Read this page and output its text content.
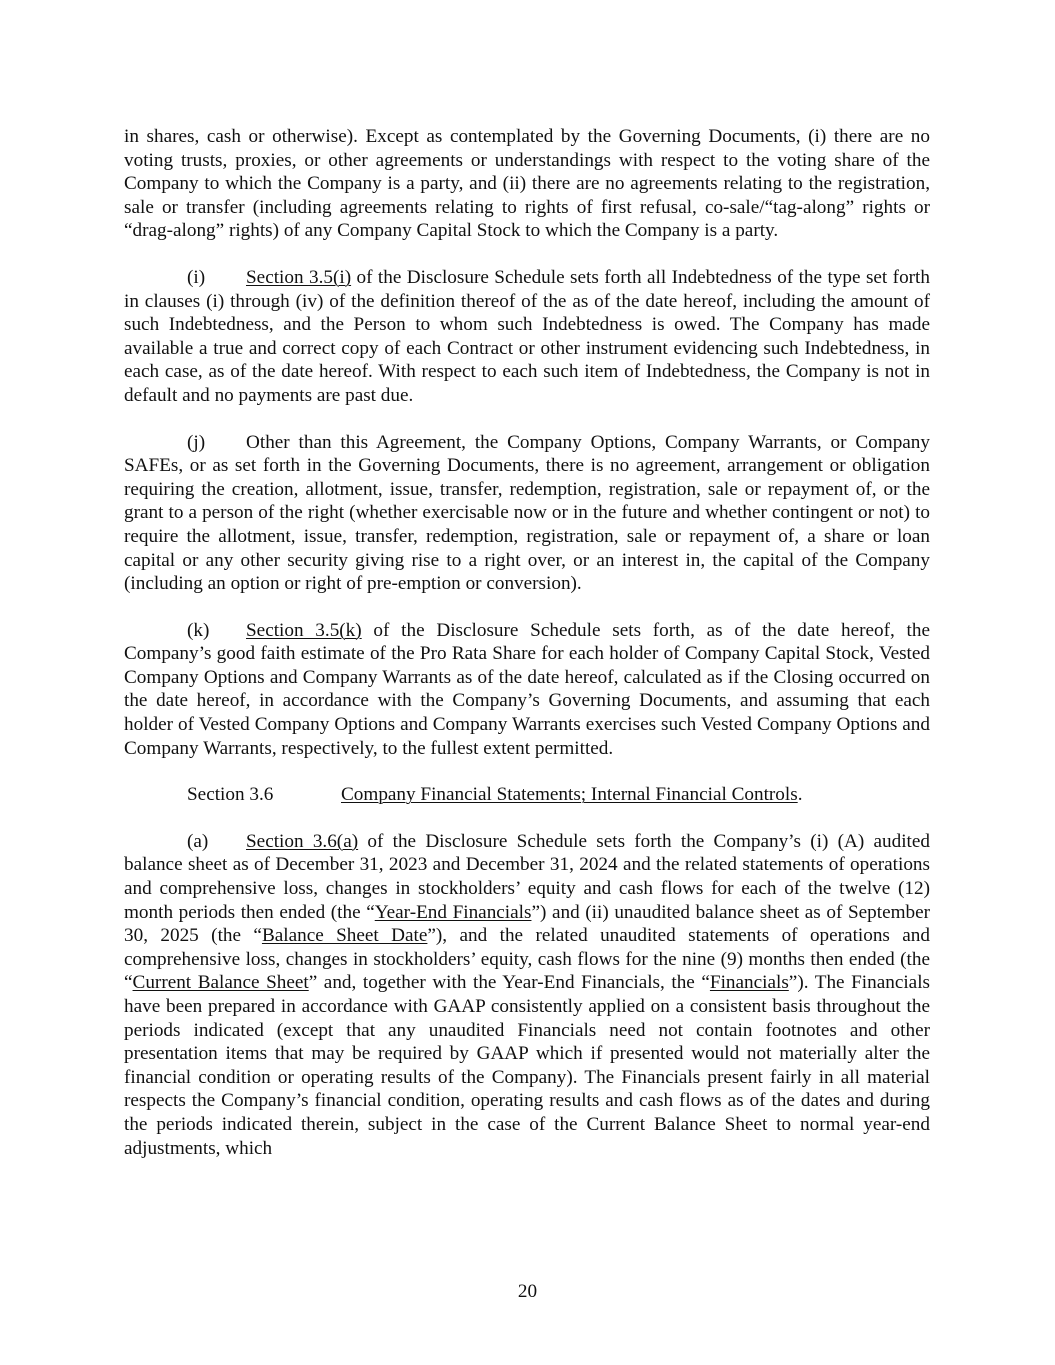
in shares, cash or otherwise). Except as contemplated by the Governing Documents, (i) there are no voting trusts, proxies, or other agreements or understandings with respect to the voting share of the Company to which the Company is a party, and (ii) there are no agreements relating to the registration, sale or transfer (including agreements relating to rights of first refusal, co-sale/“tag-along” rights or “drag-along” rights) of any Company Capital Stock to which the Company is a party.

(i) Section 3.5(i) of the Disclosure Schedule sets forth all Indebtedness of the type set forth in clauses (i) through (iv) of the definition thereof of the as of the date hereof, including the amount of such Indebtedness, and the Person to whom such Indebtedness is owed. The Company has made available a true and correct copy of each Contract or other instrument evidencing such Indebtedness, in each case, as of the date hereof. With respect to each such item of Indebtedness, the Company is not in default and no payments are past due.

(j) Other than this Agreement, the Company Options, Company Warrants, or Company SAFEs, or as set forth in the Governing Documents, there is no agreement, arrangement or obligation requiring the creation, allotment, issue, transfer, redemption, registration, sale or repayment of, or the grant to a person of the right (whether exercisable now or in the future and whether contingent or not) to require the allotment, issue, transfer, redemption, registration, sale or repayment of, a share or loan capital or any other security giving rise to a right over, or an interest in, the capital of the Company (including an option or right of pre-emption or conversion).

(k) Section 3.5(k) of the Disclosure Schedule sets forth, as of the date hereof, the Company’s good faith estimate of the Pro Rata Share for each holder of Company Capital Stock, Vested Company Options and Company Warrants as of the date hereof, calculated as if the Closing occurred on the date hereof, in accordance with the Company’s Governing Documents, and assuming that each holder of Vested Company Options and Company Warrants exercises such Vested Company Options and Company Warrants, respectively, to the fullest extent permitted.

Section 3.6	Company Financial Statements; Internal Financial Controls.

(a) Section 3.6(a) of the Disclosure Schedule sets forth the Company’s (i) (A) audited balance sheet as of December 31, 2023 and December 31, 2024 and the related statements of operations and comprehensive loss, changes in stockholders’ equity and cash flows for each of the twelve (12) month periods then ended (the “Year-End Financials”) and (ii) unaudited balance sheet as of September 30, 2025 (the “Balance Sheet Date”), and the related unaudited statements of operations and comprehensive loss, changes in stockholders’ equity, cash flows for the nine (9) months then ended (the “Current Balance Sheet” and, together with the Year-End Financials, the “Financials”). The Financials have been prepared in accordance with GAAP consistently applied on a consistent basis throughout the periods indicated (except that any unaudited Financials need not contain footnotes and other presentation items that may be required by GAAP which if presented would not materially alter the financial condition or operating results of the Company). The Financials present fairly in all material respects the Company’s financial condition, operating results and cash flows as of the dates and during the periods indicated therein, subject in the case of the Current Balance Sheet to normal year-end adjustments, which

20
